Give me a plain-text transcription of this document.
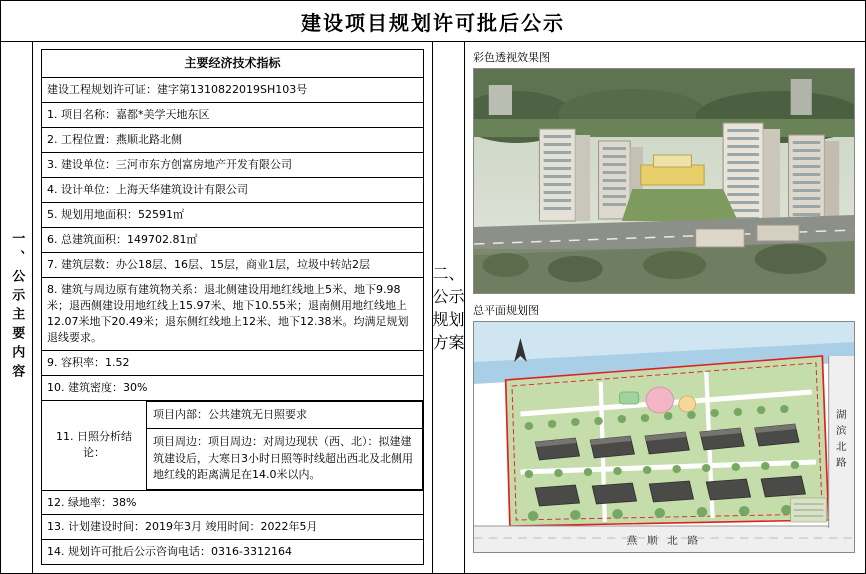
建设项目规划许可批后公示
一、公示主要内容
主要经济技术指标
建设工程规划许可证：建字第1310822019SH103号
1. 项目名称：嘉都*美学天地东区
2. 工程位置：燕顺北路北侧
3. 建设单位：三河市东方创富房地产开发有限公司
4. 设计单位：上海天华建筑设计有限公司
5. 规划用地面积：52591㎡
6. 总建筑面积：149702.81㎡
7. 建筑层数：办公18层、16层、15层，商业1层，垃圾中转站2层
8. 建筑与周边原有建筑物关系：退北侧建设用地红线地上5米、地下9.98米；退西侧建设用地红线上15.97米、地下10.55米；退南侧用地红线地上12.07米地下20.49米；退东侧红线地上12米、地下12.38米。均满足规划退线要求。
9. 容积率：1.52
10. 建筑密度：30%

11. 日照分析结论：	项目内部：公共建筑无日照要求
项目周边：项目周边：对周边现状（西、北）：拟建建筑建设后，大寒日3小时日照等时线超出西北及北侧用地红线的距离满足在14.0米以内。

12. 绿地率：38%
13. 计划建设时间：2019年3月 竣用时间：2022年5月
14. 规划许可批后公示咨询电话：0316-3312164
二、公示规划方案
彩色透视效果图
总平面规划图
燕 顺 北 路
湖
滨
北
路
